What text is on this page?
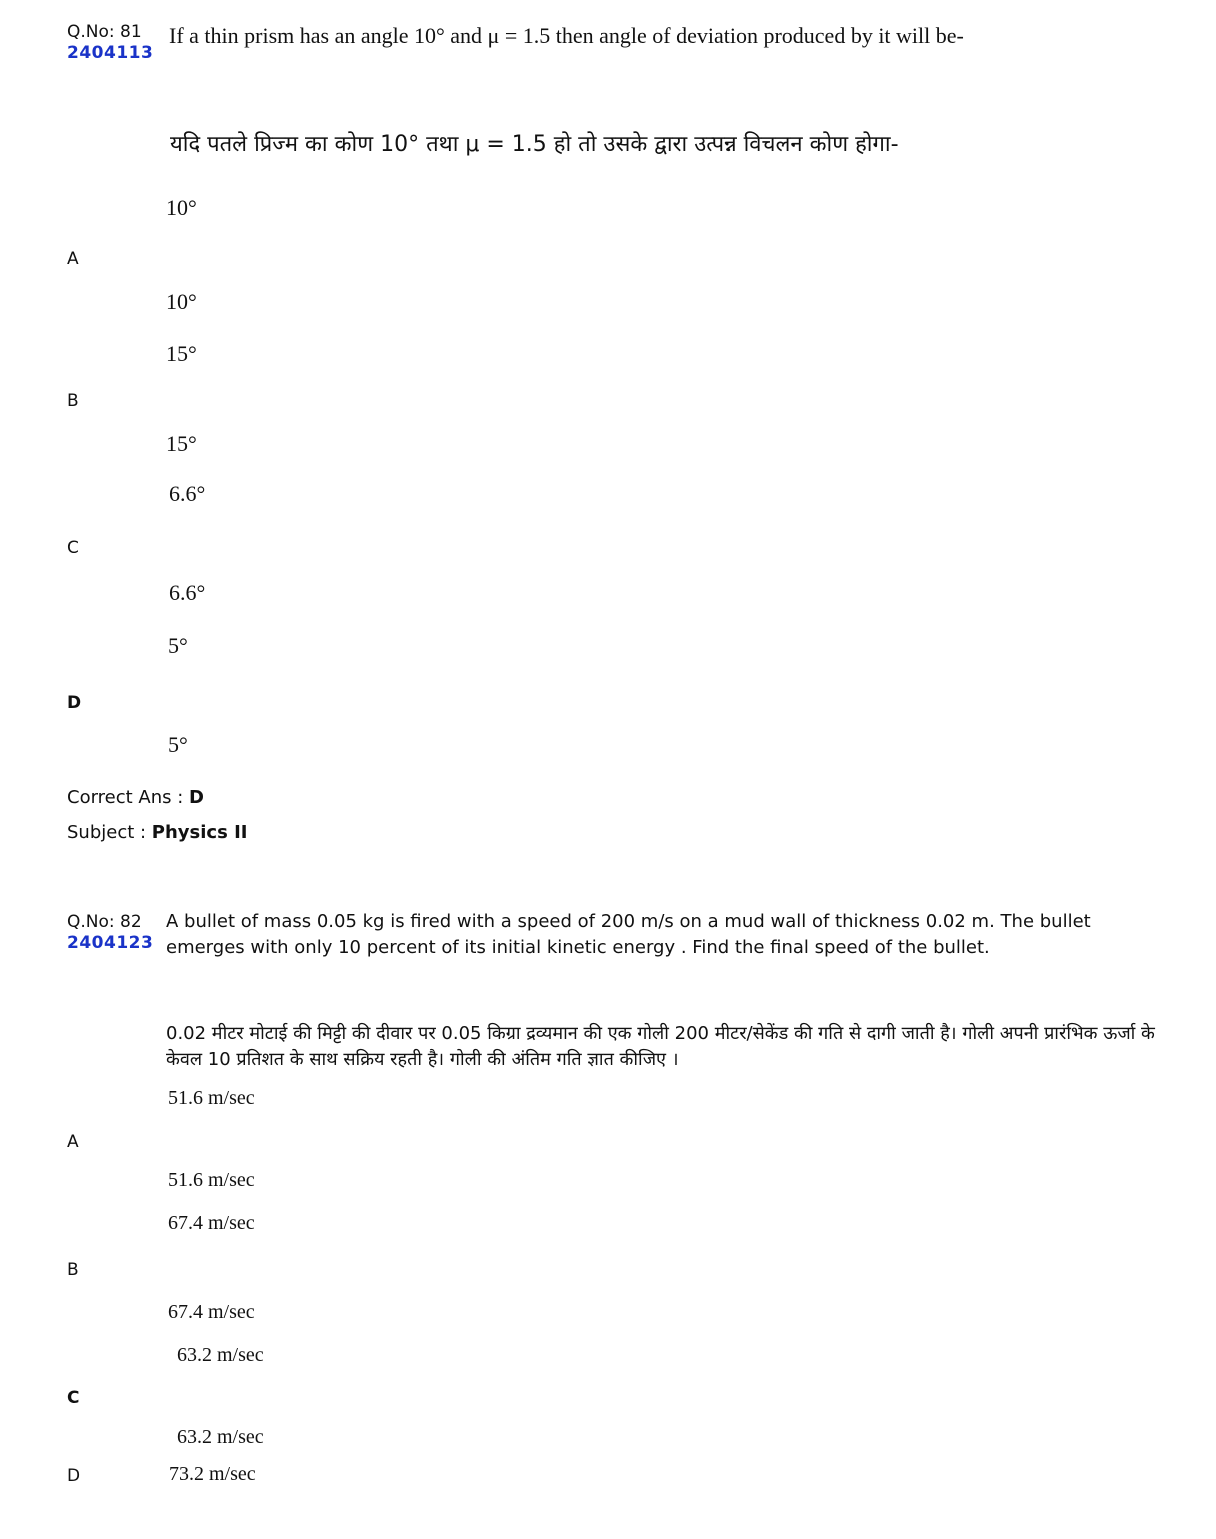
Q.No: 81
2404113
If a thin prism has an angle 10° and μ = 1.5 then angle of deviation produced by it will be-
यदि पतले प्रिज्म का कोण 10° तथा μ = 1.5 हो तो उसके द्वारा उत्पन्न विचलन कोण होगा-
10°
A
10°
15°
B
15°
6.6°
C
6.6°
5°
D
5°
Correct Ans : D
Subject : Physics II
Q.No: 82
2404123
A bullet of mass 0.05 kg is fired with a speed of 200 m/s on a mud wall of thickness 0.02 m. The bullet emerges with only 10 percent of its initial kinetic energy . Find the final speed of the bullet.
0.02 मीटर मोटाई की मिट्टी की दीवार पर 0.05 किग्रा द्रव्यमान की एक गोली 200 मीटर/सेकेंड की गति से दागी जाती है। गोली अपनी प्रारंभिक ऊर्जा के केवल 10 प्रतिशत के साथ सक्रिय रहती है। गोली की अंतिम गति ज्ञात कीजिए ।
51.6 m/sec
A
51.6 m/sec
67.4 m/sec
B
67.4 m/sec
63.2 m/sec
C
63.2 m/sec
D	73.2 m/sec
